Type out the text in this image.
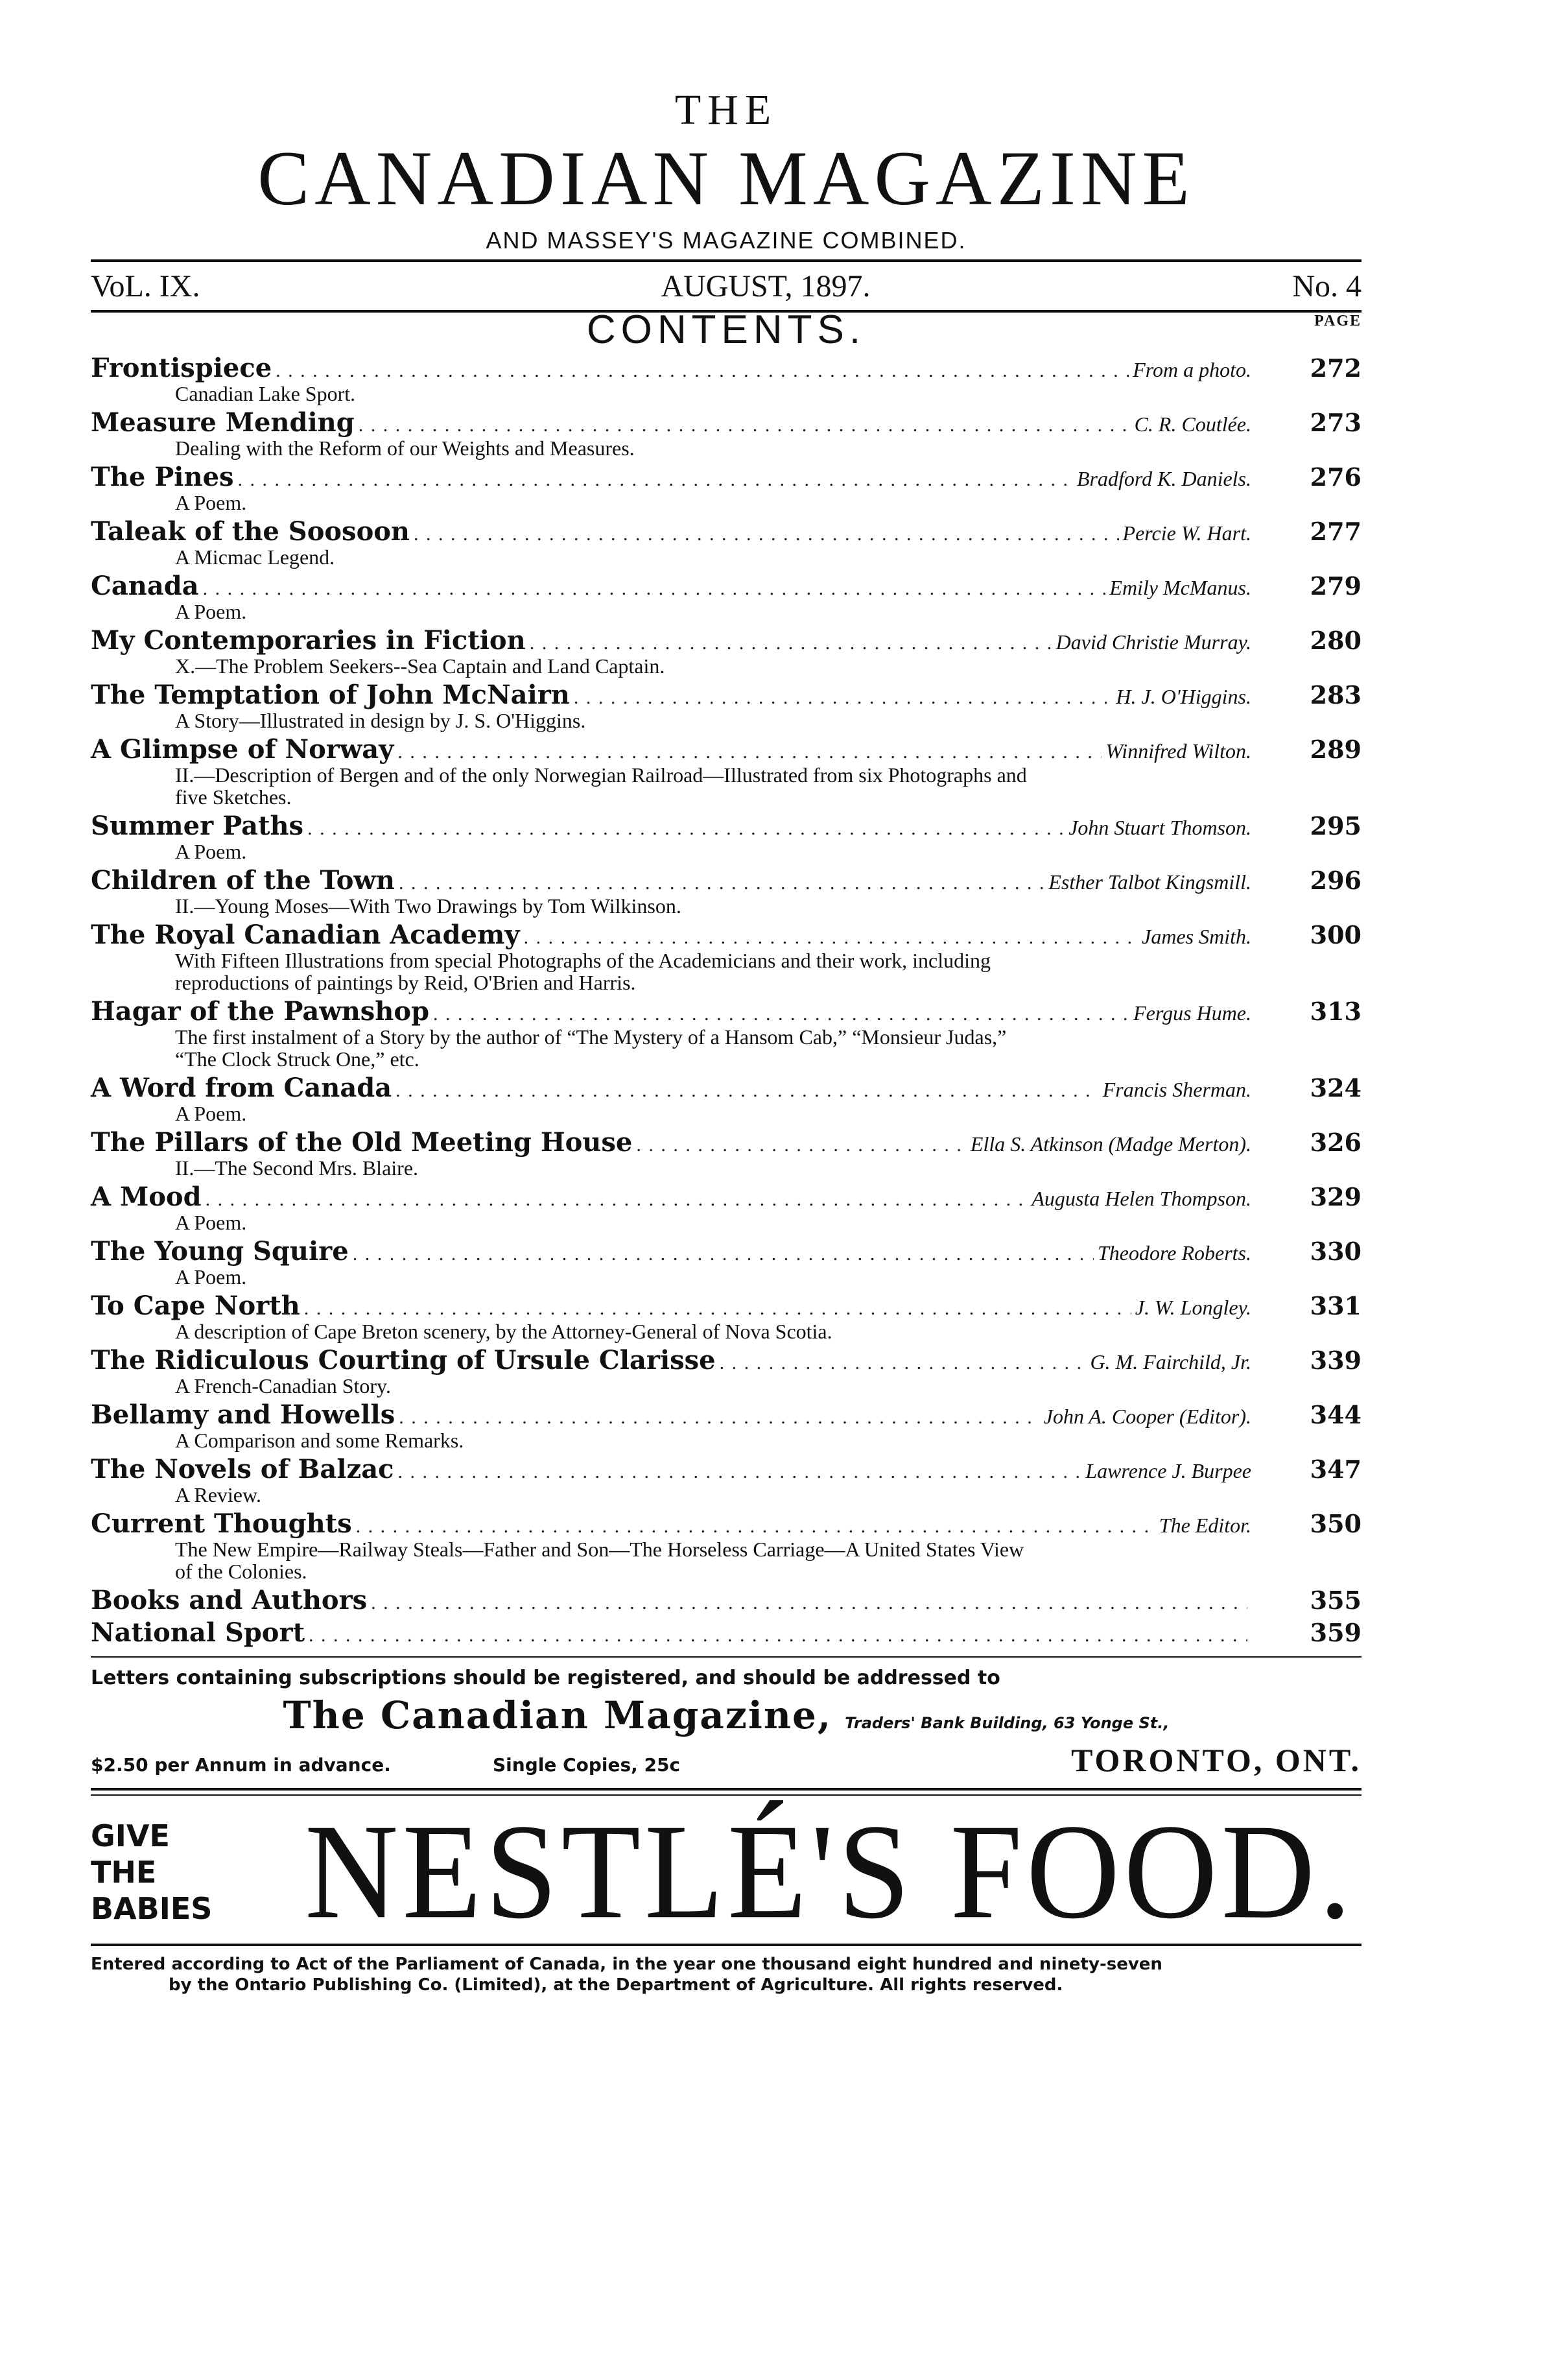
THE
CANADIAN MAGAZINE
AND MASSEY'S MAGAZINE COMBINED.
VoL. IX.	AUGUST, 1897.	No. 4
CONTENTS.	PAGE
Frontispiece . . .	From a photo.	272
Canadian Lake Sport.
Measure Mending . . .	C. R. Coutlée.	273
Dealing with the Reform of our Weights and Measures.
The Pines . . .	Bradford K. Daniels.	276
A Poem.
Taleak of the Soosoon . . .	Percie W. Hart.	277
A Micmac Legend.
Canada . . .	Emily McManus.	279
A Poem.
My Contemporaries in Fiction . . .	David Christie Murray.	280
X.—The Problem Seekers--Sea Captain and Land Captain.
The Temptation of John McNairn . . .	H. J. O'Higgins.	283
A Story—Illustrated in design by J. S. O'Higgins.
A Glimpse of Norway . . .	Winnifred Wilton.	289
II.—Description of Bergen and of the only Norwegian Railroad—Illustrated from six Photographs and five Sketches.
Summer Paths . . .	John Stuart Thomson.	295
A Poem.
Children of the Town . . .	Esther Talbot Kingsmill.	296
II.—Young Moses—With Two Drawings by Tom Wilkinson.
The Royal Canadian Academy . . .	James Smith.	300
With Fifteen Illustrations from special Photographs of the Academicians and their work, including reproductions of paintings by Reid, O'Brien and Harris.
Hagar of the Pawnshop . . .	Fergus Hume.	313
The first instalment of a Story by the author of “The Mystery of a Hansom Cab,” “Monsieur Judas,” “The Clock Struck One,” etc.
A Word from Canada . . .	Francis Sherman.	324
A Poem.
The Pillars of the Old Meeting House . . .	Ella S. Atkinson (Madge Merton).	326
II.—The Second Mrs. Blaire.
A Mood . . .	Augusta Helen Thompson.	329
A Poem.
The Young Squire . . .	Theodore Roberts.	330
A Poem.
To Cape North . . .	J. W. Longley.	331
A description of Cape Breton scenery, by the Attorney-General of Nova Scotia.
The Ridiculous Courting of Ursule Clarisse . . .	G. M. Fairchild, Jr.	339
A French-Canadian Story.
Bellamy and Howells . . .	John A. Cooper (Editor).	344
A Comparison and some Remarks.
The Novels of Balzac . . .	Lawrence J. Burpee	347
A Review.
Current Thoughts . . .	The Editor.	350
The New Empire—Railway Steals—Father and Son—The Horseless Carriage—A United States View of the Colonies.
Books and Authors . . .	355
National Sport . . .	359
Letters containing subscriptions should be registered, and should be addressed to
The Canadian Magazine, Traders' Bank Building, 63 Yonge St.,
$2.50 per Annum in advance.	Single Copies, 25c	TORONTO, ONT.
GIVE
THE
BABIES NESTLÉ'S FOOD.
Entered according to Act of the Parliament of Canada, in the year one thousand eight hundred and ninety-seven
by the Ontario Publishing Co. (Limited), at the Department of Agriculture. All rights reserved.
